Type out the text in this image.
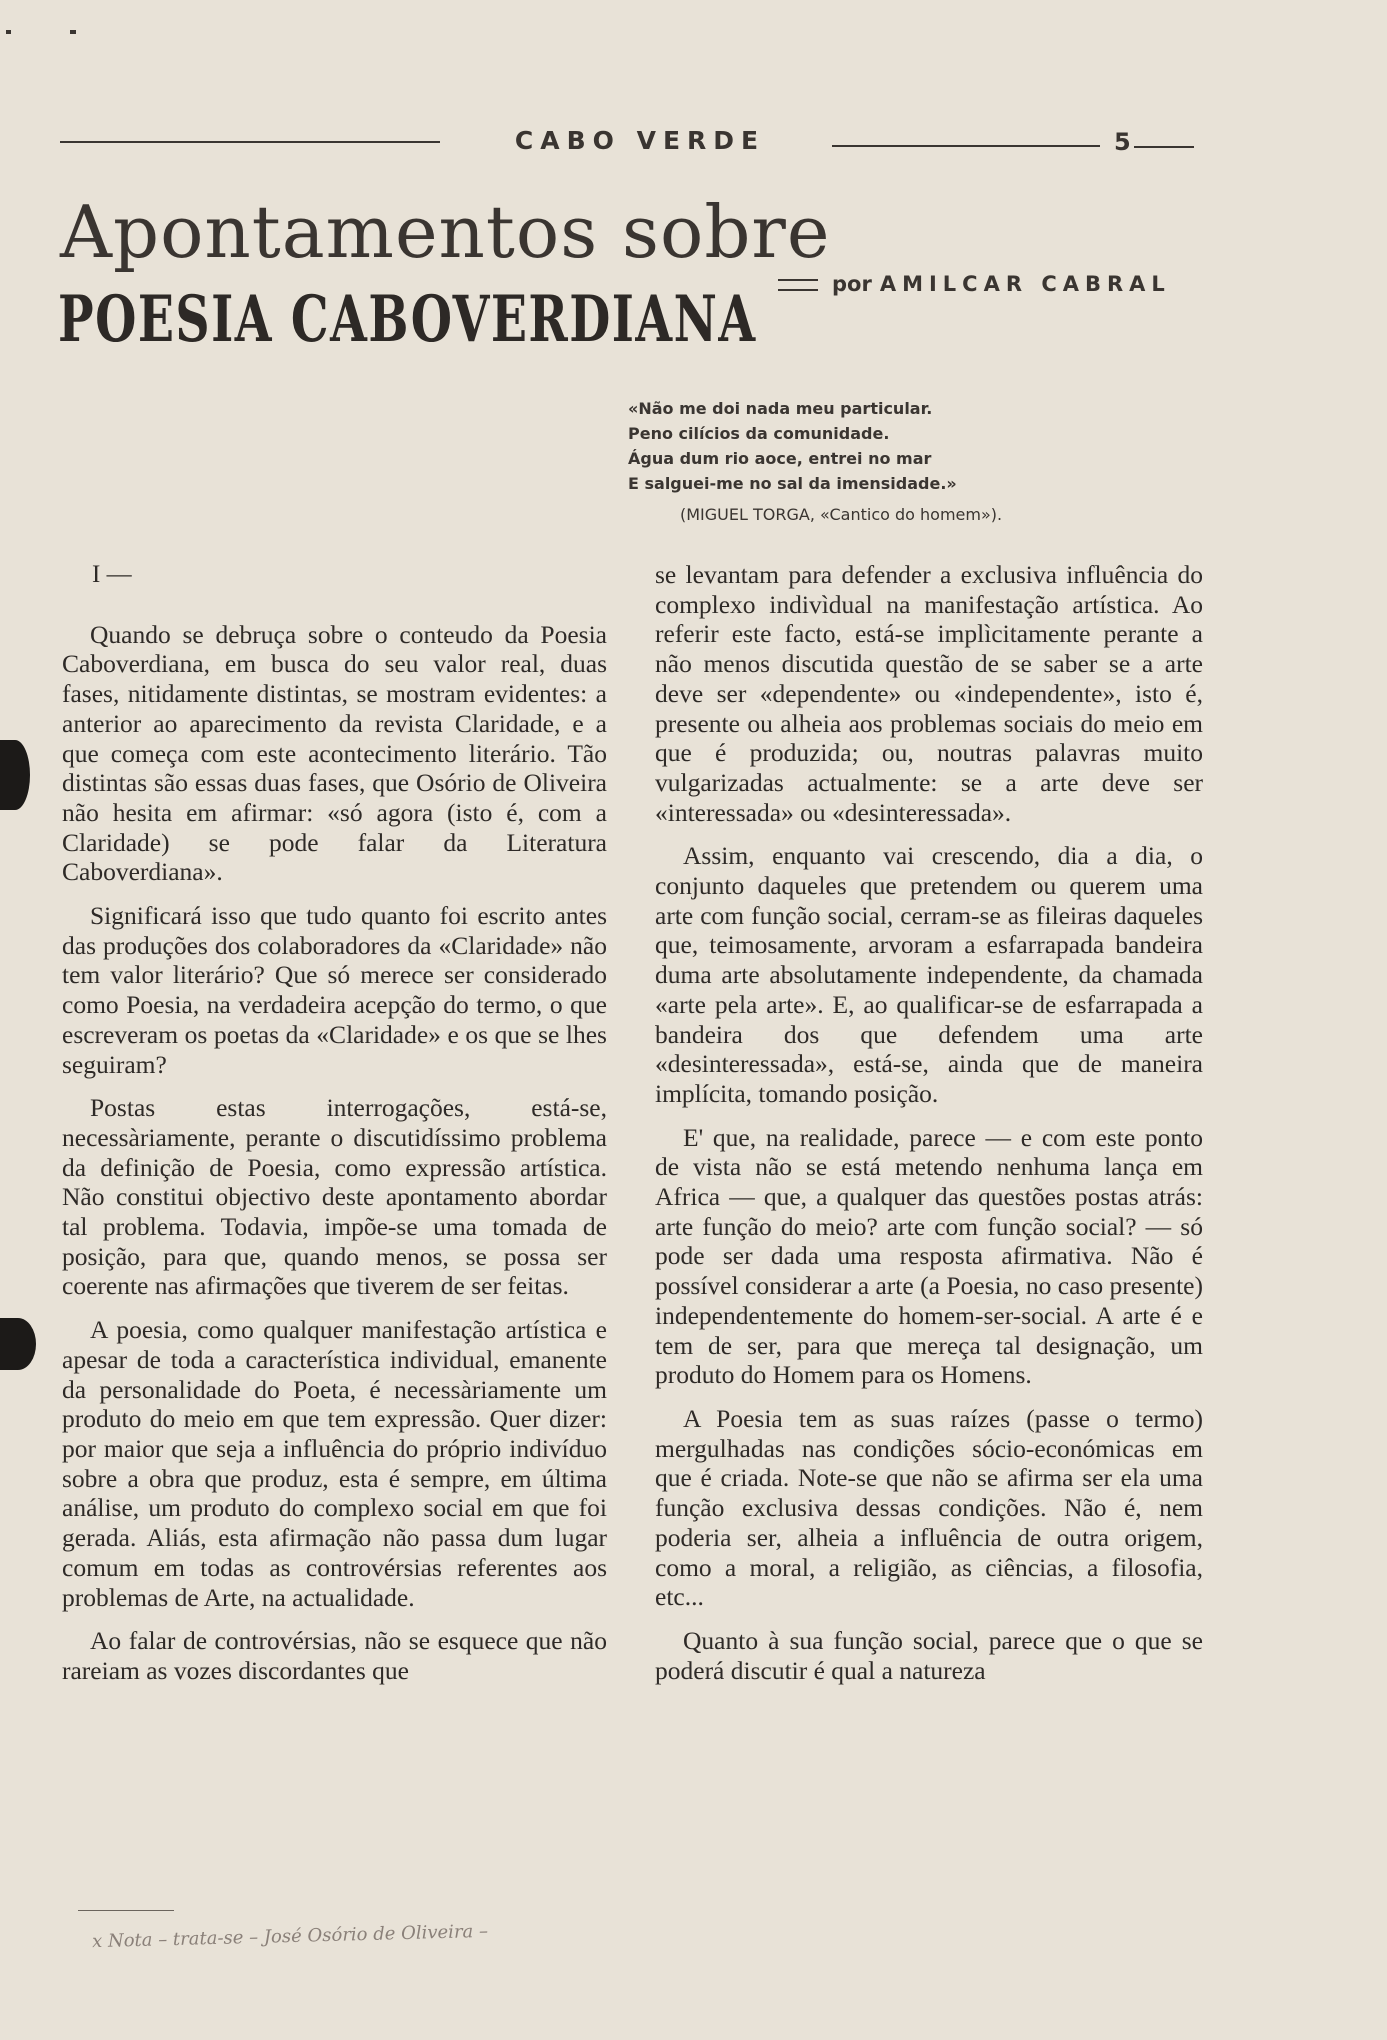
CABO VERDE	5
Apontamentos sobre
POESIA CABOVERDIANA	por AMILCAR CABRAL
«Não me doi nada meu particular.
Peno cilícios da comunidade.
Água dum rio aoce, entrei no mar
E salguei-me no sal da imensidade.»
(MIGUEL TORGA, «Cantico do homem»).
I —

Quando se debruça sobre o conteudo da Poesia Caboverdiana, em busca do seu valor real, duas fases, nitidamente distintas, se mostram evidentes: a anterior ao aparecimento da revista Claridade, e a que começa com este acontecimento literário. Tão distintas são essas duas fases, que Osório de Oliveira não hesita em afirmar: «só agora (isto é, com a Claridade) se pode falar da Literatura Caboverdiana».

Significará isso que tudo quanto foi escrito antes das produções dos colaboradores da «Claridade» não tem valor literário? Que só merece ser considerado como Poesia, na verdadeira acepção do termo, o que escreveram os poetas da «Claridade» e os que se lhes seguiram?

Postas estas interrogações, está-se, necessàriamente, perante o discutidíssimo problema da definição de Poesia, como expressão artística. Não constitui objectivo deste apontamento abordar tal problema. Todavia, impõe-se uma tomada de posição, para que, quando menos, se possa ser coerente nas afirmações que tiverem de ser feitas.

A poesia, como qualquer manifestação artística e apesar de toda a característica individual, emanente da personalidade do Poeta, é necessàriamente um produto do meio em que tem expressão. Quer dizer: por maior que seja a influência do próprio indivíduo sobre a obra que produz, esta é sempre, em última análise, um produto do complexo social em que foi gerada. Aliás, esta afirmação não passa dum lugar comum em todas as controvérsias referentes aos problemas de Arte, na actualidade.

Ao falar de controvérsias, não se esquece que não rareiam as vozes discordantes que

se levantam para defender a exclusiva influência do complexo indivìdual na manifestação artística. Ao referir este facto, está-se implìcitamente perante a não menos discutida questão de se saber se a arte deve ser «dependente» ou «independente», isto é, presente ou alheia aos problemas sociais do meio em que é produzida; ou, noutras palavras muito vulgarizadas actualmente: se a arte deve ser «interessada» ou «desinteressada».

Assim, enquanto vai crescendo, dia a dia, o conjunto daqueles que pretendem ou querem uma arte com função social, cerram-se as fileiras daqueles que, teimosamente, arvoram a esfarrapada bandeira duma arte absolutamente independente, da chamada «arte pela arte». E, ao qualificar-se de esfarrapada a bandeira dos que defendem uma arte «desinteressada», está-se, ainda que de maneira implícita, tomando posição.

E' que, na realidade, parece — e com este ponto de vista não se está metendo nenhuma lança em Africa — que, a qualquer das questões postas atrás: arte função do meio? arte com função social? — só pode ser dada uma resposta afirmativa. Não é possível considerar a arte (a Poesia, no caso presente) independentemente do homem-ser-social. A arte é e tem de ser, para que mereça tal designação, um produto do Homem para os Homens.

A Poesia tem as suas raízes (passe o termo) mergulhadas nas condições sócio-económicas em que é criada. Note-se que não se afirma ser ela uma função exclusiva dessas condições. Não é, nem poderia ser, alheia a influência de outra origem, como a moral, a religião, as ciências, a filosofia, etc...

Quanto à sua função social, parece que o que se poderá discutir é qual a natureza

x Nota – trata-se – José Osório de Oliveira –
